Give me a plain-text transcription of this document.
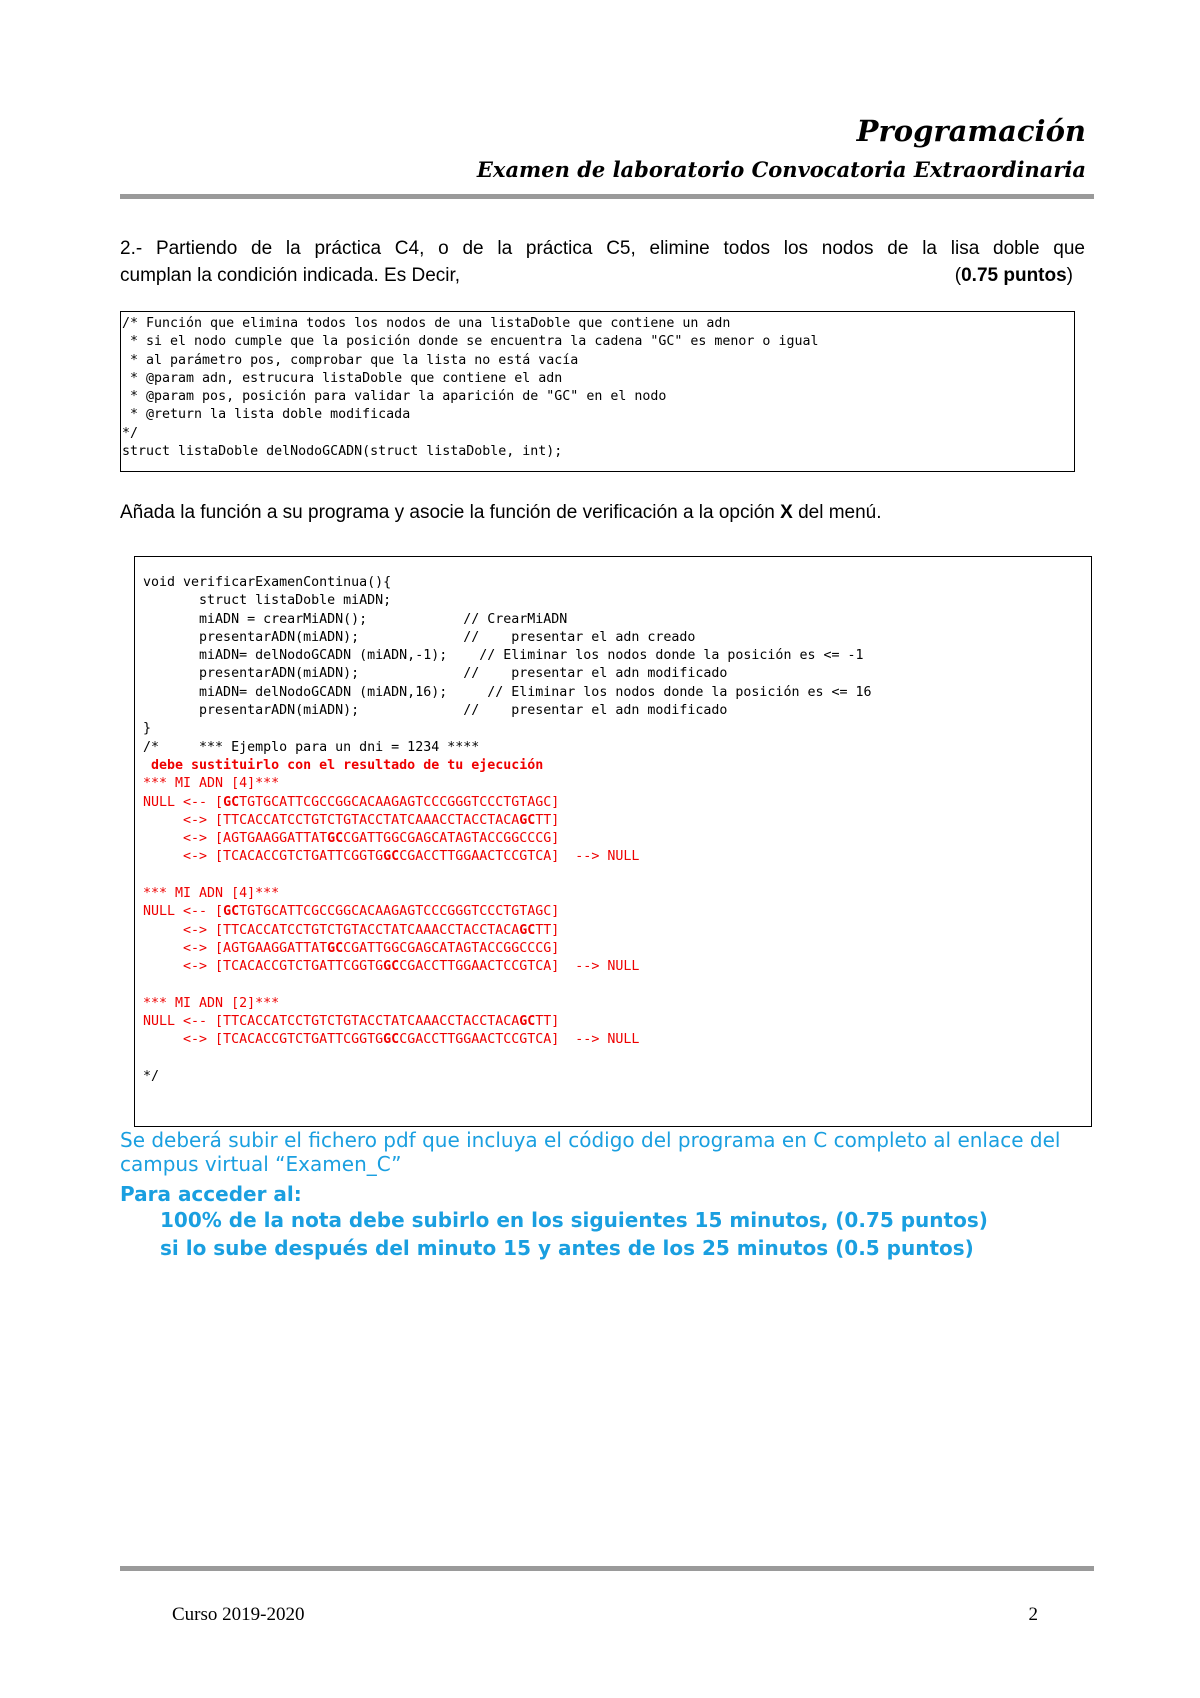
Programación
Examen de laboratorio Convocatoria Extraordinaria
2.- Partiendo de la práctica C4, o de la práctica C5, elimine todos los nodos de la lisa doble que
cumplan la condición indicada. Es Decir,	(0.75 puntos)
/* Función que elimina todos los nodos de una listaDoble que contiene un adn
* si el nodo cumple que la posición donde se encuentra la cadena "GC" es menor o igual
* al parámetro pos, comprobar que la lista no está vacía
* @param adn, estrucura listaDoble que contiene el adn
* @param pos, posición para validar la aparición de "GC" en el nodo
* @return la lista doble modificada
*/
struct listaDoble delNodoGCADN(struct listaDoble, int);

Añada la función a su programa y asocie la función de verificación a la opción X del menú.
void verificarExamenContinua(){
struct listaDoble miADN;
miADN = crearMiADN();            // CrearMiADN
presentarADN(miADN);             //    presentar el adn creado
miADN= delNodoGCADN (miADN,-1);    // Eliminar los nodos donde la posición es <= -1
presentarADN(miADN);             //    presentar el adn modificado
miADN= delNodoGCADN (miADN,16);     // Eliminar los nodos donde la posición es <= 16
presentarADN(miADN);             //    presentar el adn modificado
}
/*     *** Ejemplo para un dni = 1234 ****

debe sustituirlo con el resultado de tu ejecución
*** MI ADN [4]***
NULL <-- [GCTGTGCATTCGCCGGCACAAGAGTCCCGGGTCCCTGTAGC]
<-> [TTCACCATCCTGTCTGTACCTATCAAACCTACCTACAGCTT]
<-> [AGTGAAGGATTATGCCGATTGGCGAGCATAGTACCGGCCCG]
<-> [TCACACCGTCTGATTCGGTGGCCGACCTTGGAACTCCGTCA]  --> NULL

*** MI ADN [4]***
NULL <-- [GCTGTGCATTCGCCGGCACAAGAGTCCCGGGTCCCTGTAGC]
<-> [TTCACCATCCTGTCTGTACCTATCAAACCTACCTACAGCTT]
<-> [AGTGAAGGATTATGCCGATTGGCGAGCATAGTACCGGCCCG]
<-> [TCACACCGTCTGATTCGGTGGCCGACCTTGGAACTCCGTCA]  --> NULL

*** MI ADN [2]***
NULL <-- [TTCACCATCCTGTCTGTACCTATCAAACCTACCTACAGCTT]
<-> [TCACACCGTCTGATTCGGTGGCCGACCTTGGAACTCCGTCA]  --> NULL

*/
Se deberá subir el fichero pdf que incluya el código del programa en C completo al enlace del campus virtual “Examen_C”
Para acceder al:
100% de la nota debe subirlo en los siguientes 15 minutos, (0.75 puntos)
si lo sube después del minuto 15 y antes de los 25 minutos (0.5 puntos)
Curso 2019-2020	2
